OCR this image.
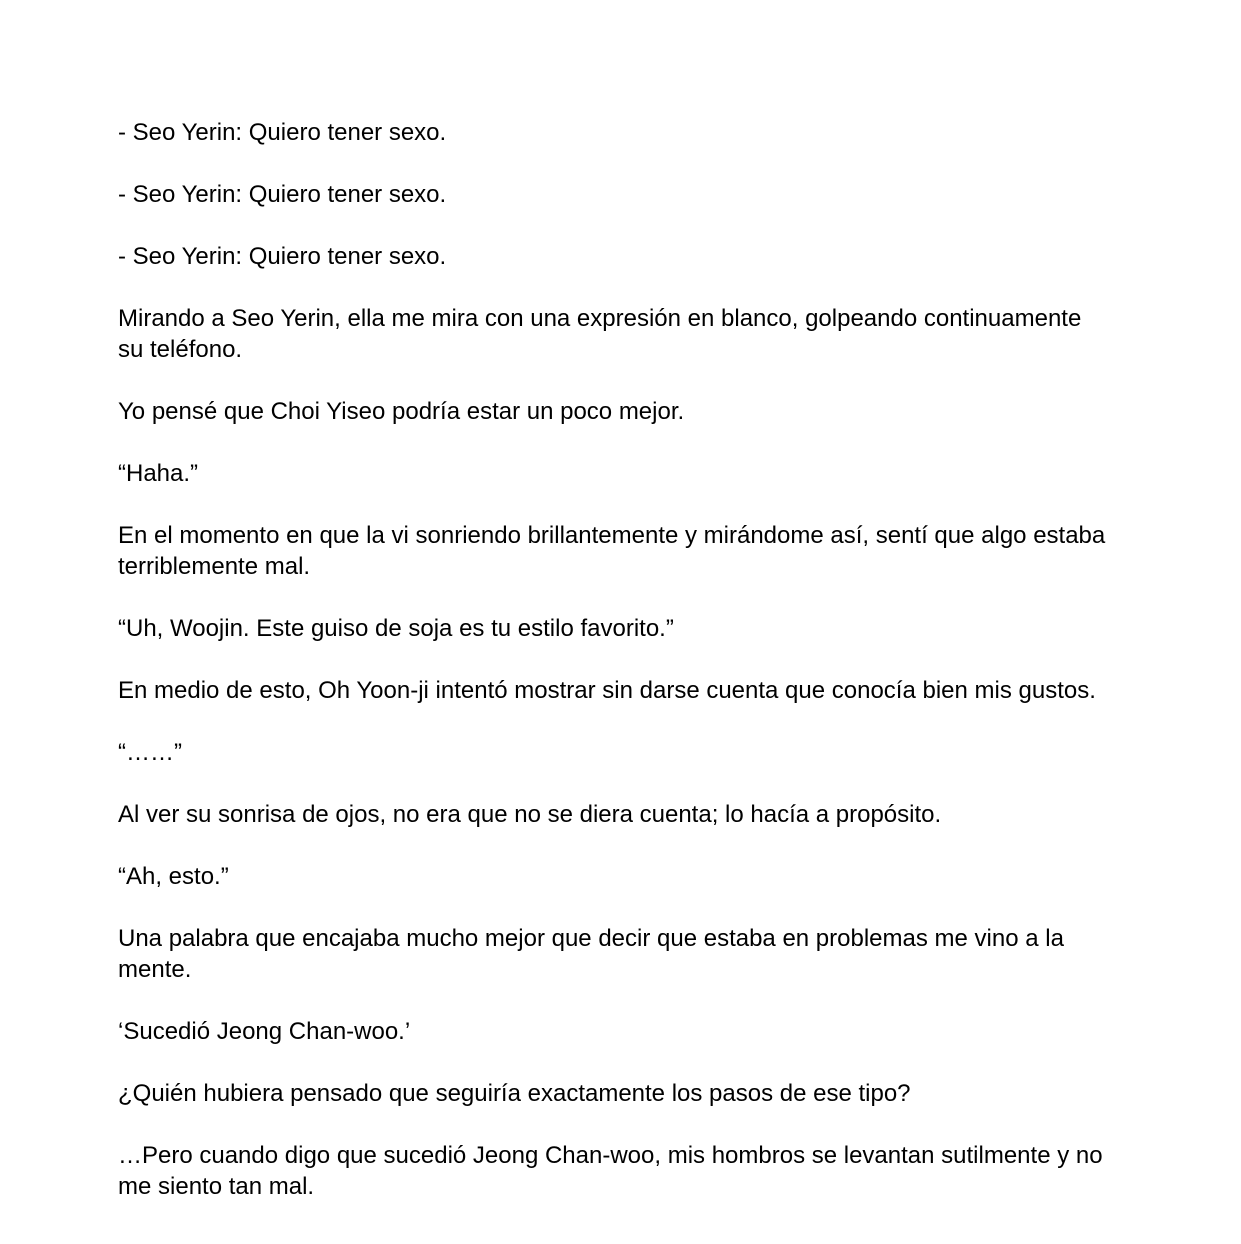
- Seo Yerin: Quiero tener sexo.

- Seo Yerin: Quiero tener sexo.

- Seo Yerin: Quiero tener sexo.

Mirando a Seo Yerin, ella me mira con una expresión en blanco, golpeando continuamente su teléfono.

Yo pensé que Choi Yiseo podría estar un poco mejor.

“Haha.”

En el momento en que la vi sonriendo brillantemente y mirándome así, sentí que algo estaba terriblemente mal.

“Uh, Woojin. Este guiso de soja es tu estilo favorito.”

En medio de esto, Oh Yoon-ji intentó mostrar sin darse cuenta que conocía bien mis gustos.

“……”

Al ver su sonrisa de ojos, no era que no se diera cuenta; lo hacía a propósito.

“Ah, esto.”

Una palabra que encajaba mucho mejor que decir que estaba en problemas me vino a la mente.

‘Sucedió Jeong Chan-woo.’

¿Quién hubiera pensado que seguiría exactamente los pasos de ese tipo?

…Pero cuando digo que sucedió Jeong Chan-woo, mis hombros se levantan sutilmente y no me siento tan mal.
